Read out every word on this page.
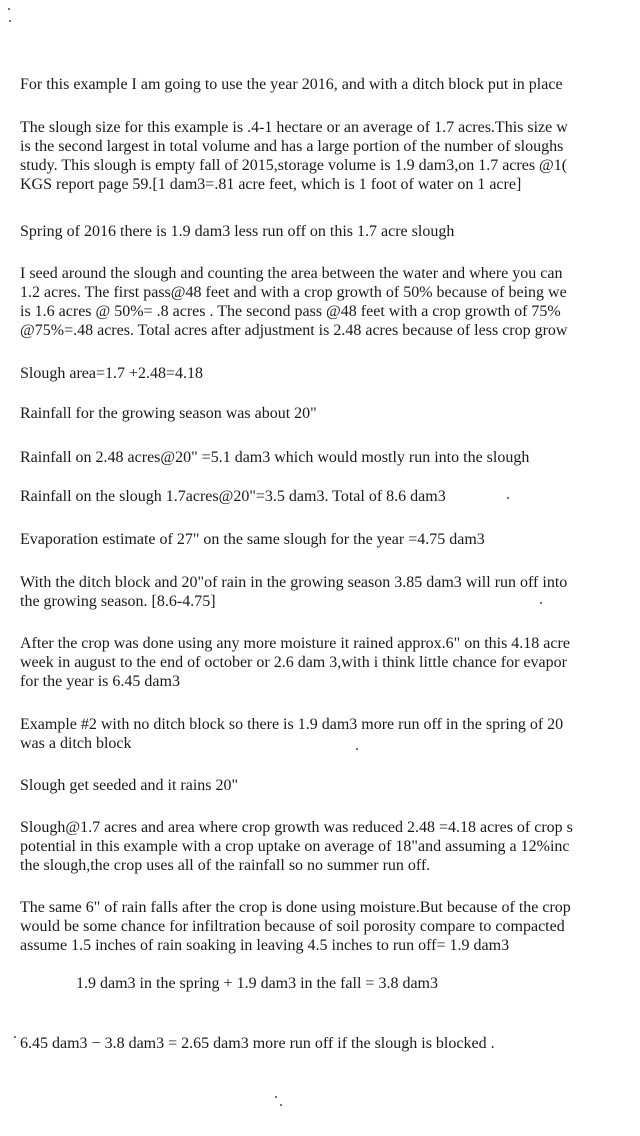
For this example I am going to use the year 2016, and with a ditch block put in place
The slough size for this example is .4-1 hectare or an average of 1.7 acres.This size w
is the second largest in total volume and has a large portion of the number of sloughs
study. This slough is empty fall of 2015,storage volume is 1.9 dam3,on 1.7 acres @1(
KGS report page 59.[1 dam3=.81 acre feet, which is 1 foot of water on 1 acre]
Spring of 2016 there is 1.9 dam3 less run off on this 1.7 acre slough
I seed around the slough and counting the area between the water and where you can
1.2 acres. The first pass@48 feet and with a crop growth of 50% because of being we
is 1.6 acres @ 50%= .8 acres . The second pass @48 feet with a crop growth of 75%
@75%=.48 acres. Total acres after adjustment is 2.48 acres because of less crop grow
Slough area=1.7 +2.48=4.18
Rainfall for the growing season was about 20"
Rainfall on 2.48 acres@20" =5.1 dam3 which would mostly run into the slough
Rainfall on the slough 1.7acres@20"=3.5 dam3. Total of 8.6 dam3
Evaporation estimate of 27" on the same slough for the year =4.75 dam3
With the ditch block and 20"of rain in the growing season 3.85 dam3 will run off into
the growing season. [8.6-4.75]
After the crop was done using any more moisture it rained approx.6" on this 4.18 acre
week in august to the end of october or 2.6 dam 3,with i think little chance for evapor
for the year is 6.45 dam3
Example #2 with no ditch block so there is 1.9 dam3 more run off in the spring of 20
was a ditch block
Slough get seeded and it rains 20"
Slough@1.7 acres and area where crop growth was reduced 2.48 =4.18 acres of crop s
potential in this example with a crop uptake on average of 18"and assuming a 12%inc
the slough,the crop uses all of the rainfall so no summer run off.
The same 6" of rain falls after the crop is done using moisture.But because of the crop
would be some chance for infiltration because of soil porosity compare to compacted
assume 1.5 inches of rain soaking in leaving 4.5 inches to run off= 1.9 dam3
1.9 dam3 in the spring + 1.9 dam3 in the fall = 3.8 dam3
6.45 dam3 − 3.8 dam3 = 2.65 dam3 more run off if the slough is blocked .
